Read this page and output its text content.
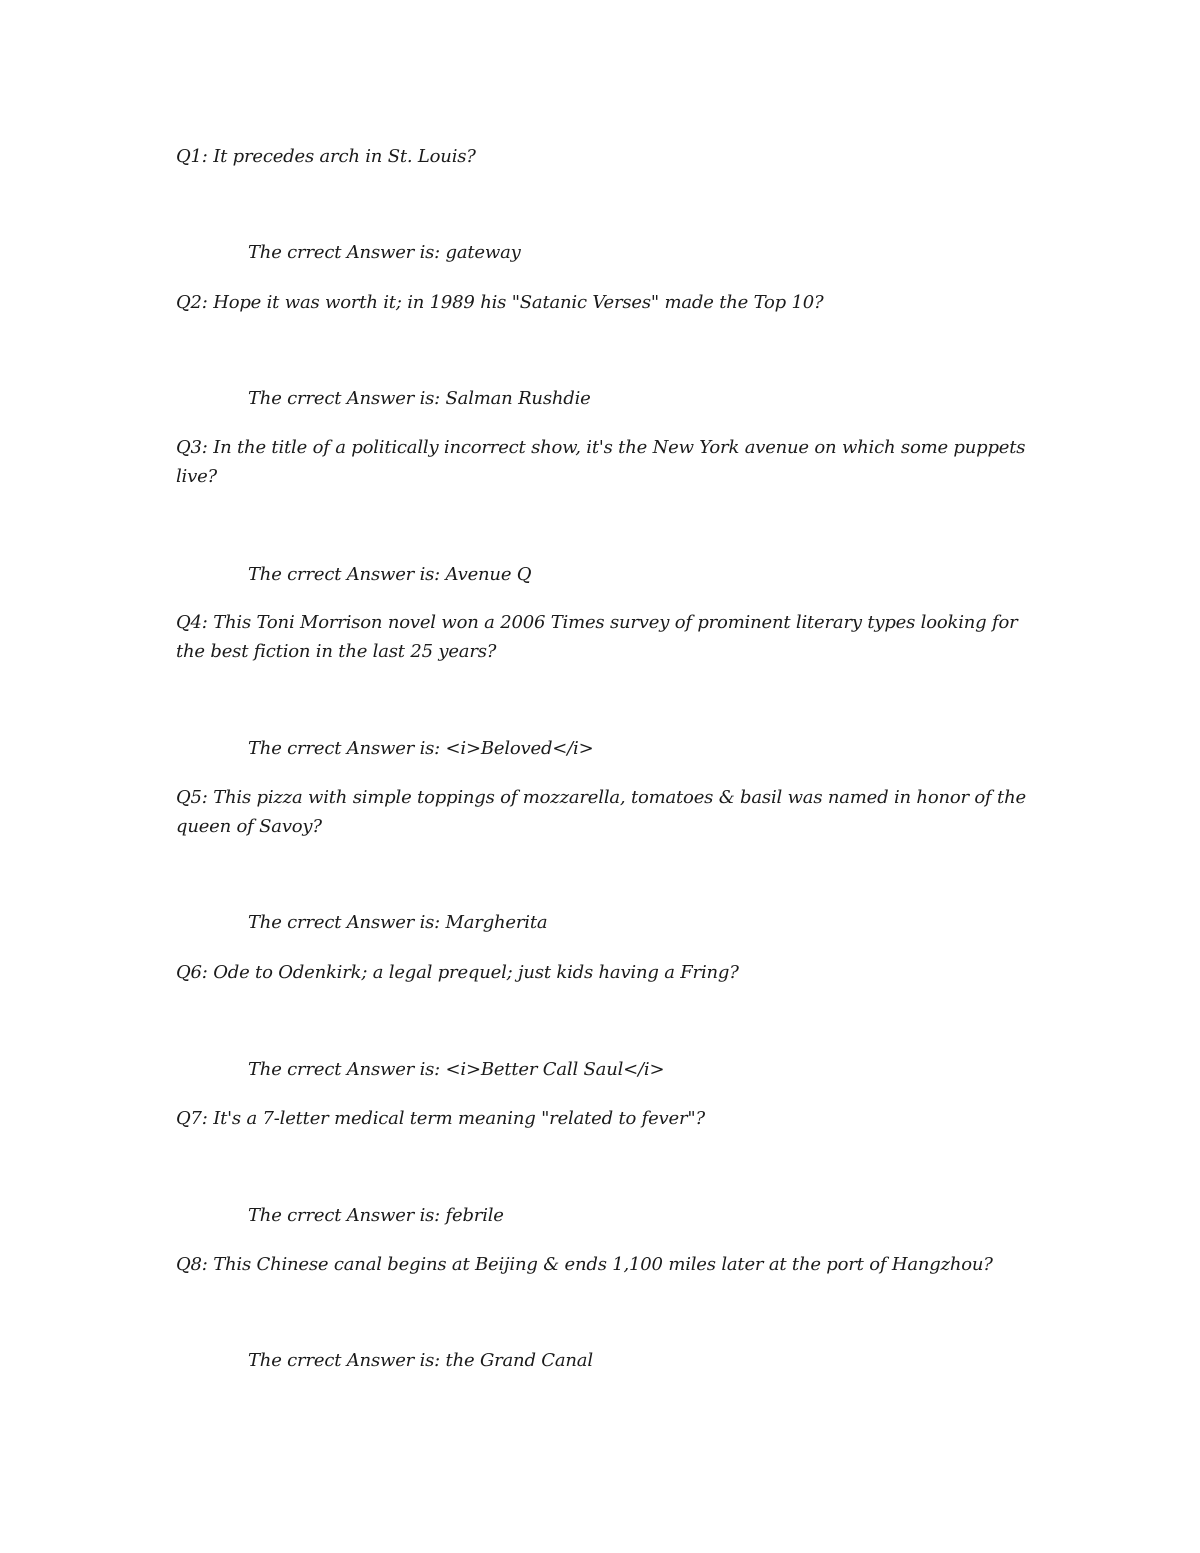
Q1: It precedes arch in St. Louis?
The crrect Answer is: gateway
Q2: Hope it was worth it; in 1989 his "Satanic Verses" made the Top 10?
The crrect Answer is: Salman Rushdie
Q3: In the title of a politically incorrect show, it's the New York avenue on which some puppets live?
The crrect Answer is: Avenue Q
Q4: This Toni Morrison novel won a 2006 Times survey of prominent literary types looking for the best fiction in the last 25 years?
The crrect Answer is: <i>Beloved</i>
Q5: This pizza with simple toppings of mozzarella, tomatoes & basil was named in honor of the queen of Savoy?
The crrect Answer is: Margherita
Q6: Ode to Odenkirk; a legal prequel; just kids having a Fring?
The crrect Answer is: <i>Better Call Saul</i>
Q7: It's a 7-letter medical term meaning "related to fever"?
The crrect Answer is: febrile
Q8: This Chinese canal begins at Beijing & ends 1,100 miles later at the port of Hangzhou?
The crrect Answer is: the Grand Canal
